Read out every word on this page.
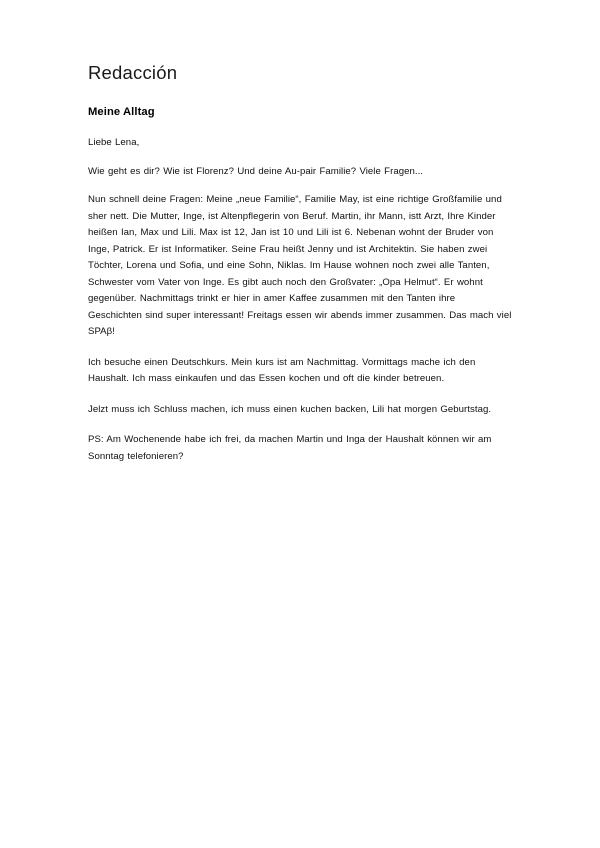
Redacción
Meine Alltag

Liebe Lena,

Wie geht es dir? Wie ist Florenz? Und deine Au-pair Familie? Viele Fragen...

Nun schnell deine Fragen: Meine „neue Familie“, Familie May, ist eine richtige Großfamilie und sher nett. Die Mutter, Inge, ist Altenpflegerin von Beruf. Martin, ihr Mann, istt Arzt, Ihre Kinder heißen Ian, Max und Lili. Max ist 12, Jan ist 10 und Lili ist 6. Nebenan wohnt der Bruder von Inge, Patrick. Er ist Informatiker. Seine Frau heißt Jenny und ist Architektin. Sie haben zwei Töchter, Lorena und Sofia, und eine Sohn, Niklas. Im Hause wohnen noch zwei alle Tanten, Schwester vom Vater von Inge. Es gibt auch noch den Großvater: „Opa Helmut“. Er wohnt gegenüber. Nachmittags trinkt er hier in amer Kaffee zusammen mit den Tanten ihre Geschichten sind super interessant! Freitags essen wir abends immer zusammen. Das mach viel SPAβ!

Ich besuche einen Deutschkurs. Mein kurs ist am Nachmittag. Vormittags mache ich den Haushalt. Ich mass einkaufen und das Essen kochen und oft die kinder betreuen.

Jelzt muss ich Schluss machen, ich muss einen kuchen backen, Lili hat morgen Geburtstag.

PS: Am Wochenende habe ich frei, da machen Martin und Inga der Haushalt können wir am Sonntag telefonieren?
